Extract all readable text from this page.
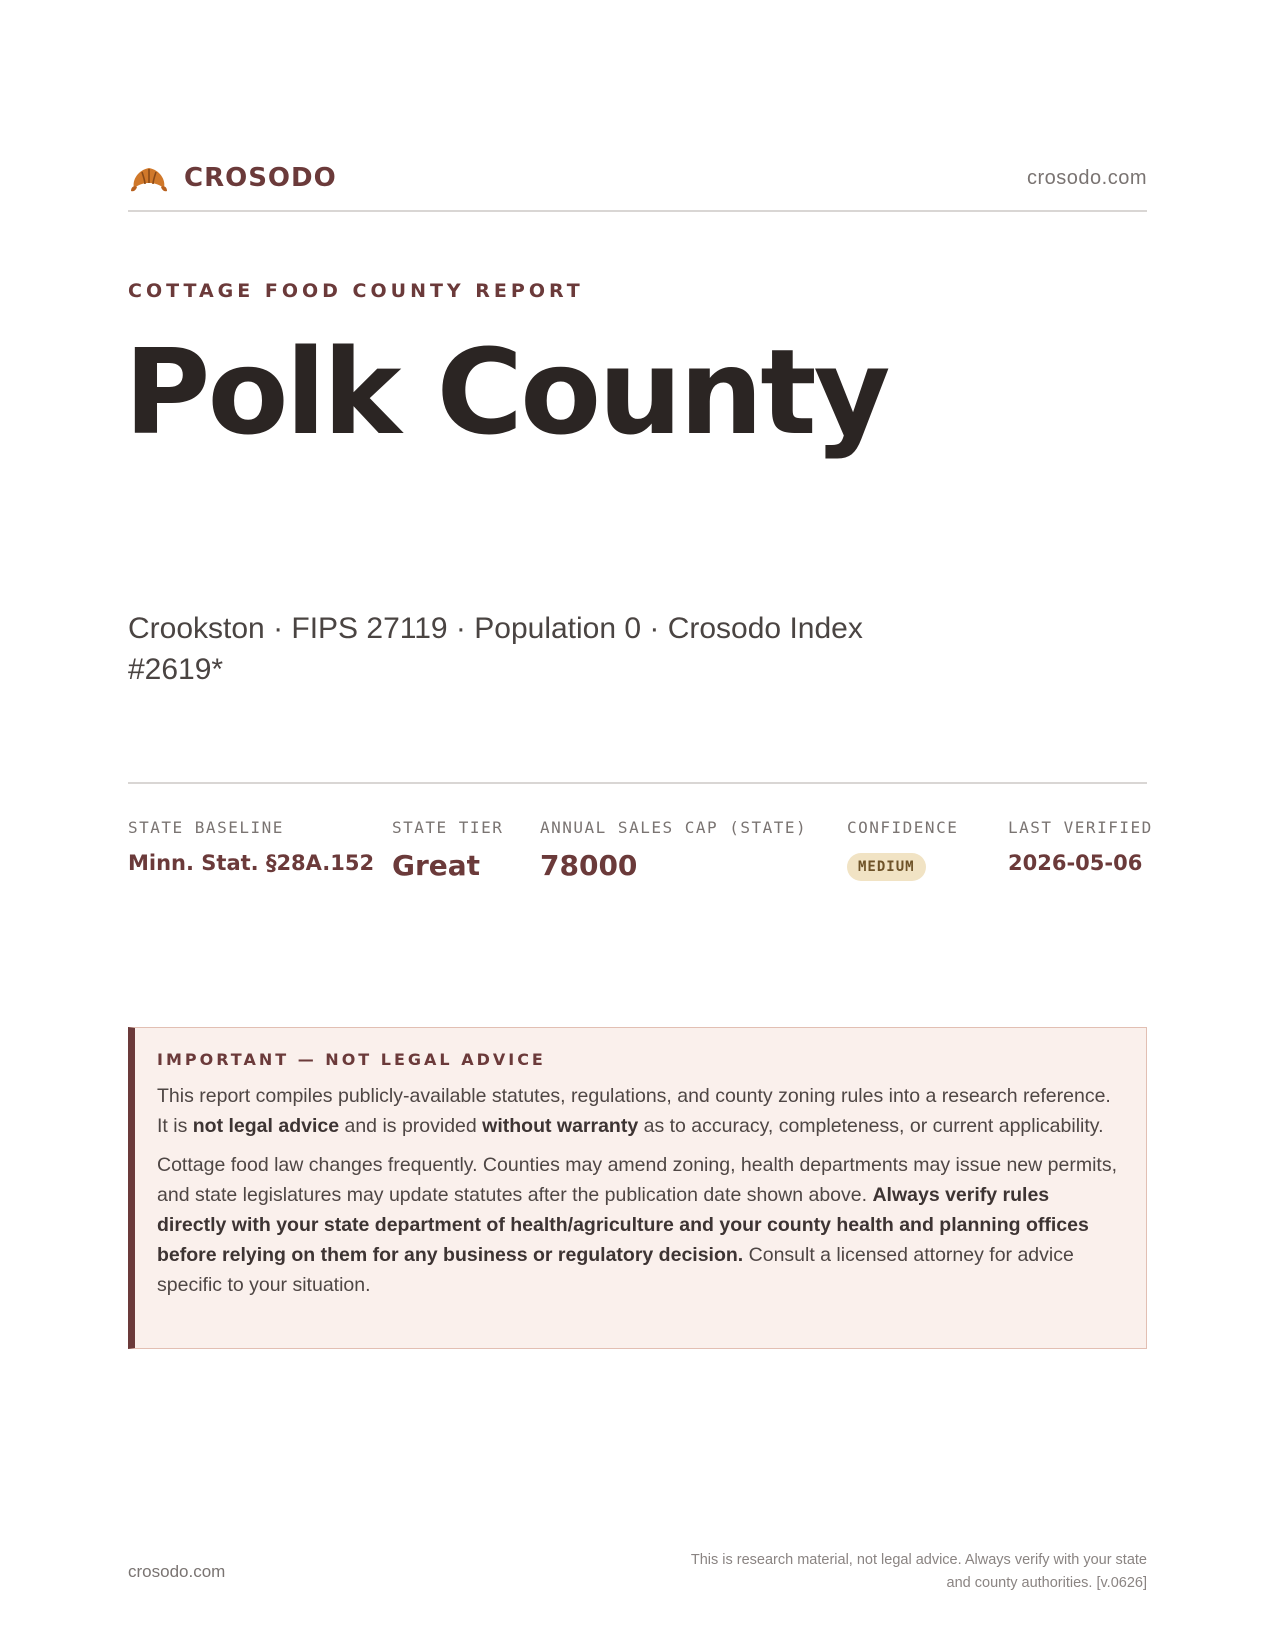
CROSODO	crosodo.com
COTTAGE FOOD COUNTY REPORT
Polk County
Crookston · FIPS 27119 · Population 0 · Crosodo Index #2619*
STATE BASELINE
Minn. Stat. §28A.152
STATE TIER
Great
ANNUAL SALES CAP (STATE)
78000
CONFIDENCE
MEDIUM
LAST VERIFIED
2026-05-06
IMPORTANT — NOT LEGAL ADVICE

This report compiles publicly-available statutes, regulations, and county zoning rules into a research reference. It is not legal advice and is provided without warranty as to accuracy, completeness, or current applicability.

Cottage food law changes frequently. Counties may amend zoning, health departments may issue new permits, and state legislatures may update statutes after the publication date shown above. Always verify rules directly with your state department of health/agriculture and your county health and planning offices before relying on them for any business or regulatory decision. Consult a licensed attorney for advice specific to your situation.

crosodo.com
This is research material, not legal advice. Always verify with your state
and county authorities. [v.0626]
